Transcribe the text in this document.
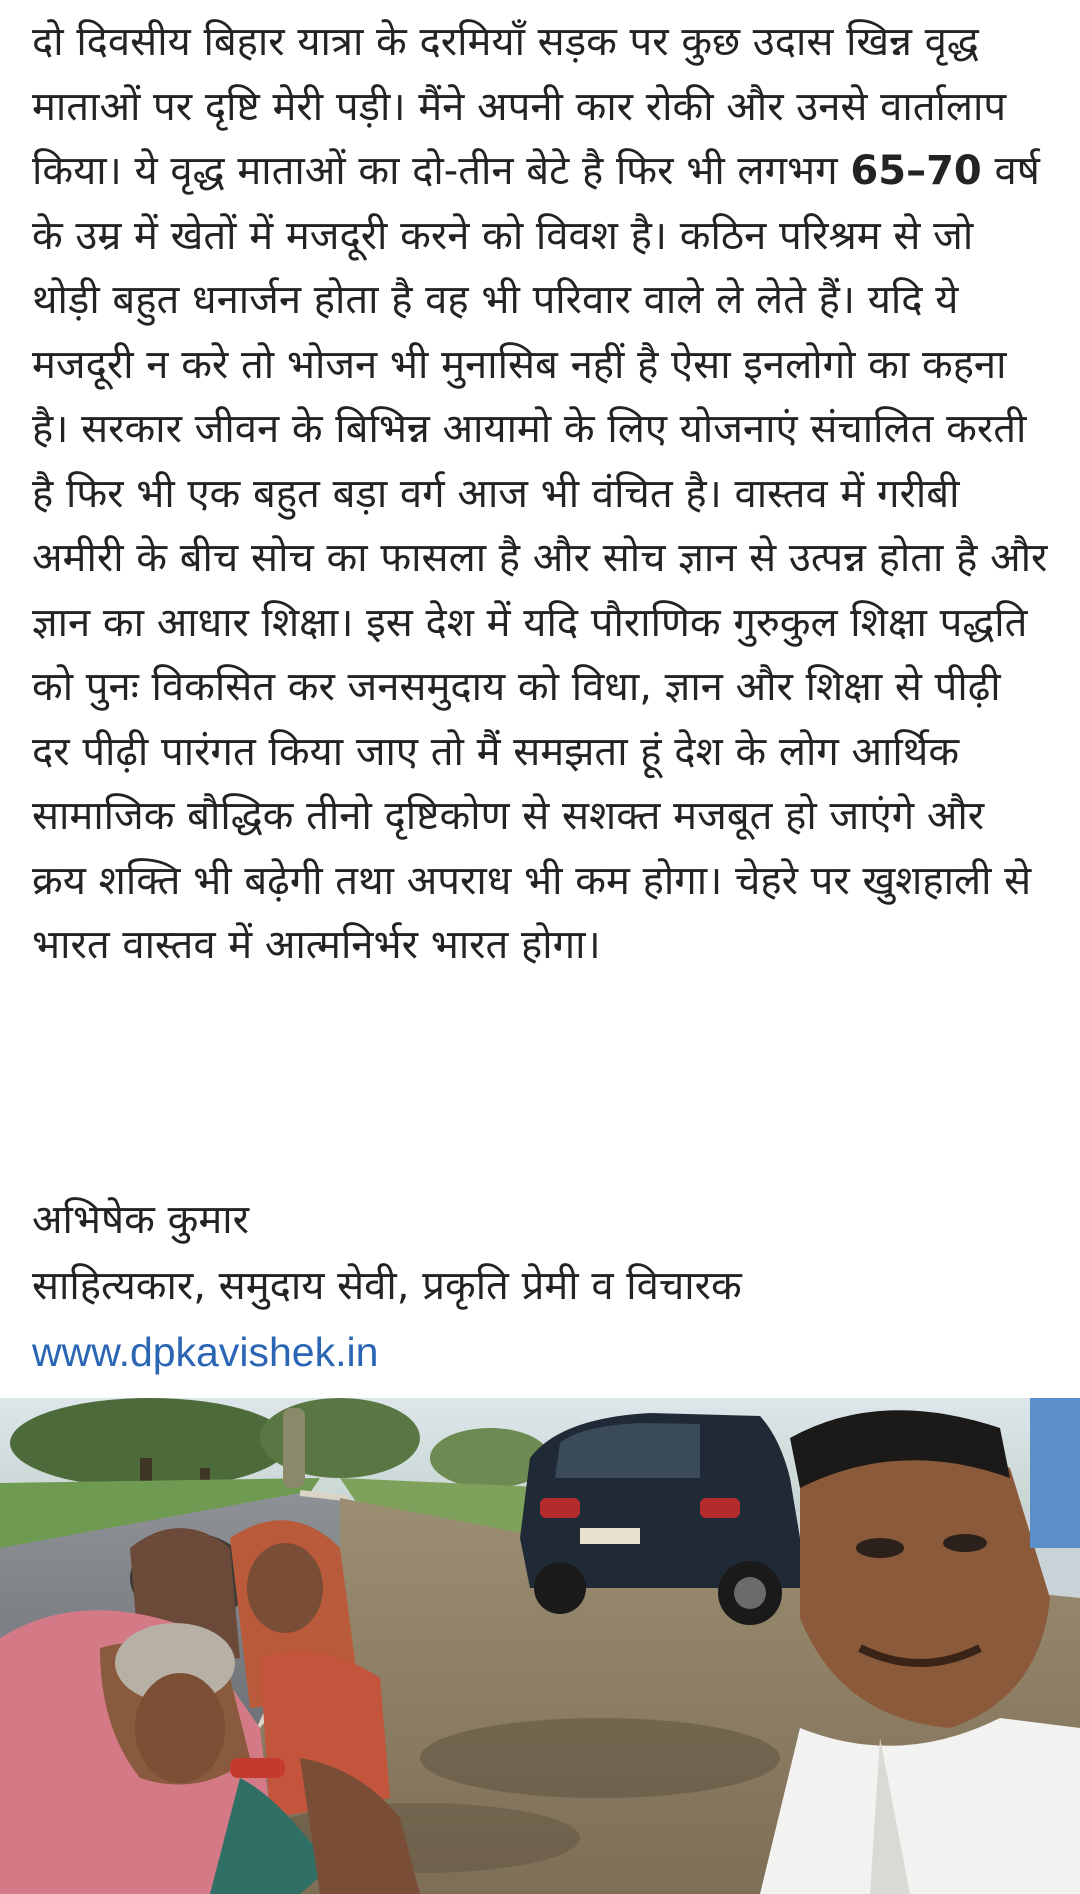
दो दिवसीय बिहार यात्रा के दरमियाँ सड़क पर कुछ उदास खिन्न वृद्ध माताओं पर दृष्टि मेरी पड़ी। मैंने अपनी कार रोकी और उनसे वार्तालाप किया। ये वृद्ध माताओं का दो-तीन बेटे है फिर भी लगभग 65–70 वर्ष के उम्र में खेतों में मजदूरी करने को विवश है। कठिन परिश्रम से जो थोड़ी बहुत धनार्जन होता है वह भी परिवार वाले ले लेते हैं। यदि ये मजदूरी न करे तो भोजन भी मुनासिब नहीं है ऐसा इनलोगो का कहना है। सरकार जीवन के बिभिन्न आयामो के लिए योजनाएं संचालित करती है फिर भी एक बहुत बड़ा वर्ग आज भी वंचित है। वास्तव में गरीबी अमीरी के बीच सोच का फासला है और सोच ज्ञान से उत्पन्न होता है और ज्ञान का आधार शिक्षा। इस देश में यदि पौराणिक गुरुकुल शिक्षा पद्धति को पुनः विकसित कर जनसमुदाय को विधा, ज्ञान और शिक्षा से पीढ़ी दर पीढ़ी पारंगत किया जाए तो मैं समझता हूं देश के लोग आर्थिक सामाजिक बौद्धिक तीनो दृष्टिकोण से सशक्त मजबूत हो जाएंगे और क्रय शक्ति भी बढ़ेगी तथा अपराध भी कम होगा। चेहरे पर खुशहाली से भारत वास्तव में आत्मनिर्भर भारत होगा।

अभिषेक कुमार
साहित्यकार, समुदाय सेवी, प्रकृति प्रेमी व विचारक
www.dpkavishek.in
